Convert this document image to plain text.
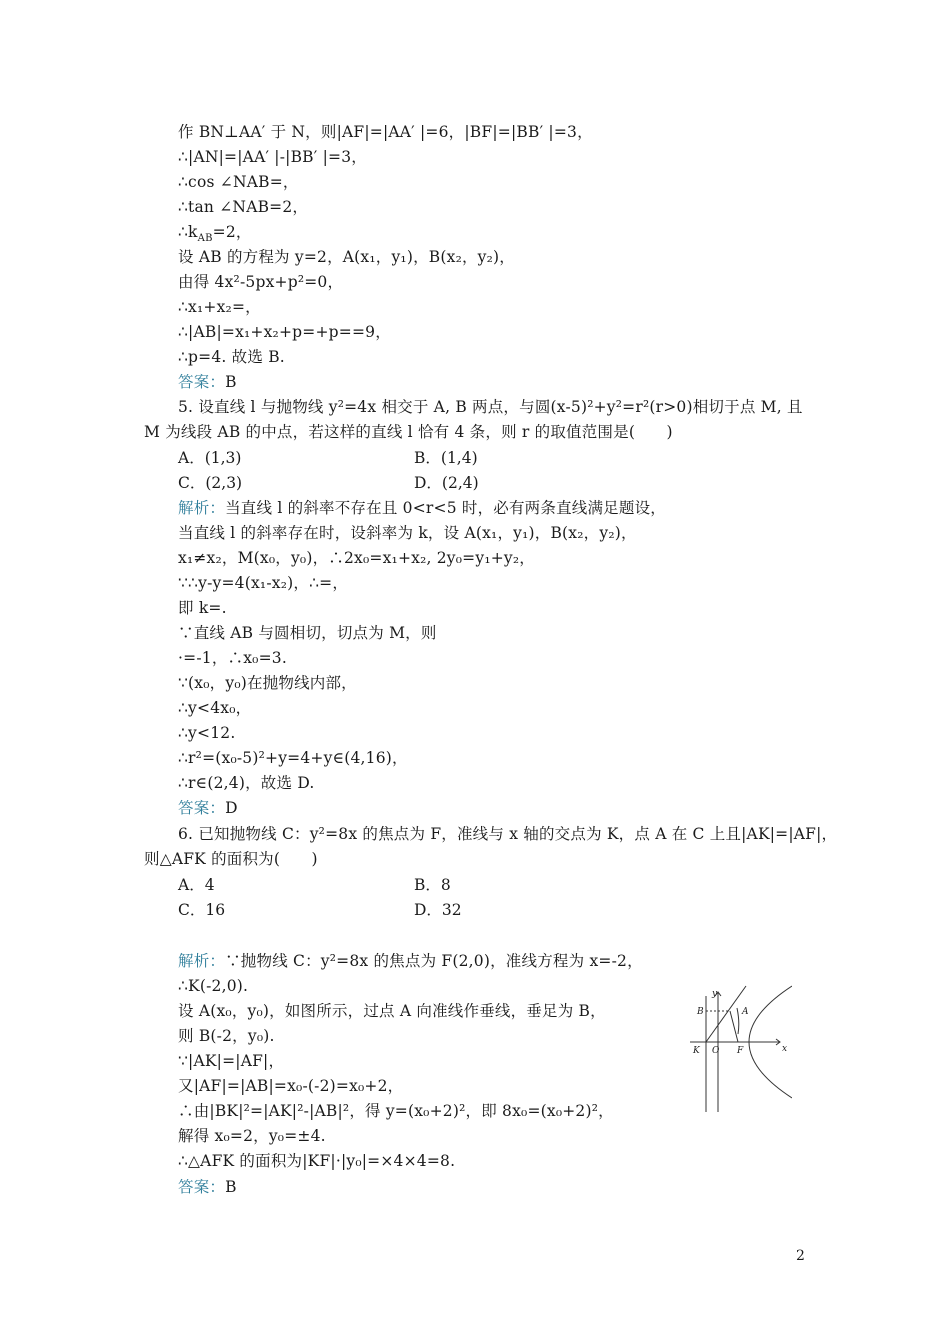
作 BN⊥AA′ 于 N，则|AF|=|AA′ |=6，|BF|=|BB′ |=3，
∴|AN|=|AA′ |-|BB′ |=3，
∴cos ∠NAB=，
∴tan ∠NAB=2，
$\therefore k_{AB}=2$，
设 AB 的方程为 y=2，A(x₁，y₁)，B(x₂，y₂)，
由得 4x²-5px+p²=0，
∴x₁+x₂=，
∴|AB|=x₁+x₂+p=+p==9，
∴p=4. 故选 B.
答案：B
5. 设直线 l 与抛物线 y²=4x 相交于 A, B 两点，与圆(x-5)²+y²=r²(r>0)相切于点 M, 且
M 为线段 AB 的中点，若这样的直线 l 恰有 4 条，则 r 的取值范围是(　　)
A．(1,3)	B．(1,4)
C．(2,3)	D．(2,4)
解析：当直线 l 的斜率不存在且 0<r<5 时，必有两条直线满足题设，
当直线 l 的斜率存在时，设斜率为 k，设 A(x₁，y₁)，B(x₂，y₂)，
x₁≠x₂，M(x₀，y₀)，∴2x₀=x₁+x₂, 2y₀=y₁+y₂，
∵∴y-y=4(x₁-x₂)，∴=，
即 k=.
∵直线 AB 与圆相切，切点为 M，则
·=-1，∴x₀=3.
∵(x₀，y₀)在抛物线内部，
∴y<4x₀，
∴y<12.
∴r²=(x₀-5)²+y=4+y∈(4,16)，
∴r∈(2,4)，故选 D.
答案：D
6. 已知抛物线 C：y²=8x 的焦点为 F，准线与 x 轴的交点为 K，点 A 在 C 上且|AK|=|AF|，
则△AFK 的面积为(　　)
A．4	B．8
C．16	D．32
解析：∵抛物线 C：y²=8x 的焦点为 F(2,0)，准线方程为 x=-2，
∴K(-2,0).
设 A(x₀，y₀)，如图所示，过点 A 向准线作垂线，垂足为 B，
则 B(-2，y₀).
∵|AK|=|AF|，
又|AF|=|AB|=x₀-(-2)=x₀+2，
∴由|BK|²=|AK|²-|AB|²，得 y=(x₀+2)²，即 8x₀=(x₀+2)²，
解得 x₀=2，y₀=±4.
∴△AFK 的面积为|KF|·|y₀|=×4×4=8.
答案：B
y
x
B	A
K O F
2
